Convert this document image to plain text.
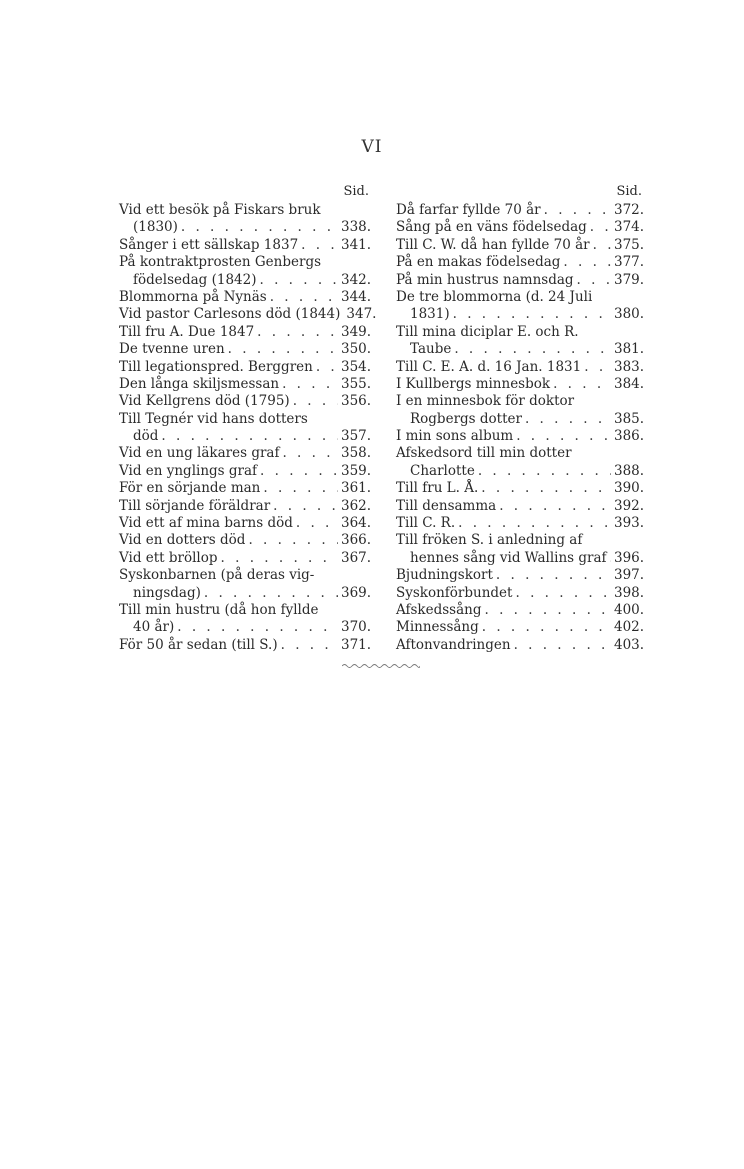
VI
Sid.
Vid ett besök på Fiskars bruk
(1830) . . .	338.
Sånger i ett sällskap 1837 . . .	341.
På kontraktprosten Genbergs
födelsedag (1842) . . .	342.
Blommorna på Nynäs . . .	344.
Vid pastor Carlesons död (1844) 347.
Till fru A. Due 1847 . . .	349.
De tvenne uren . . .	350.
Till legationspred. Berggren . . . 354.
Den långa skiljsmessan . . .	355.
Vid Kellgrens död (1795) . . .	356.
Till Tegnér vid hans dotters
död . . .	357.
Vid en ung läkares graf . . .	358.
Vid en ynglings graf . . .	359.
För en sörjande man . . .	361.
Till sörjande föräldrar . . .	362.
Vid ett af mina barns död . . .	364.
Vid en dotters död . . .	366.
Vid ett bröllop . . .	367.
Syskonbarnen (på deras vig-
ningsdag) . . .	369.
Till min hustru (då hon fyllde
40 år) . . .	370.
För 50 år sedan (till S.) . . .	371.
Sid.
Då farfar fyllde 70 år . . .	372.
Sång på en väns födelsedag . . . 374.
Till C. W. då han fyllde 70 år . . . 375.
På en makas födelsedag . . .	377.
På min hustrus namnsdag . . .	379.
De tre blommorna (d. 24 Juli
1831) . . .	380.
Till mina diciplar E. och R.
Taube . . .	381.
Till C. E. A. d. 16 Jan. 1831 . . . 383.
I Kullbergs minnesbok . . .	384.
I en minnesbok för doktor
Rogbergs dotter . . .	385.
I min sons album . . .	386.
Afskedsord till min dotter
Charlotte . . .	388.
Till fru L. Å. . . .	390.
Till densamma . . .	392.
Till C. R. . . .	393.
Till fröken S. i anledning af
hennes sång vid Wallins graf . . . 396.
Bjudningskort . . .	397.
Syskonförbundet . . .	398.
Afskedssång . . .	400.
Minnessång . . .	402.
Aftonvandringen . . .	403.
